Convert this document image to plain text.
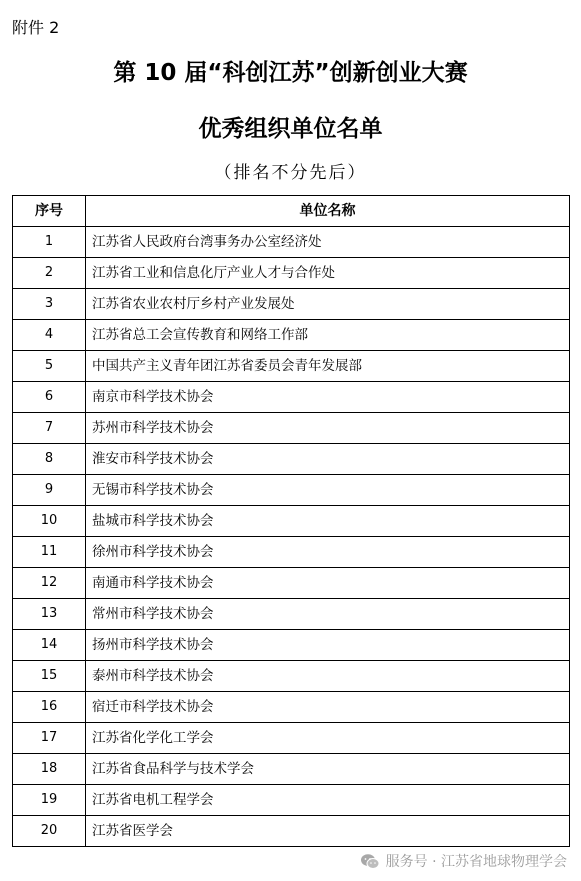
附件 2
第 10 届“科创江苏”创新创业大赛
优秀组织单位名单
（排名不分先后）
序号	单位名称
1	江苏省人民政府台湾事务办公室经济处
2	江苏省工业和信息化厅产业人才与合作处
3	江苏省农业农村厅乡村产业发展处
4	江苏省总工会宣传教育和网络工作部
5	中国共产主义青年团江苏省委员会青年发展部
6	南京市科学技术协会
7	苏州市科学技术协会
8	淮安市科学技术协会
9	无锡市科学技术协会
10	盐城市科学技术协会
11	徐州市科学技术协会
12	南通市科学技术协会
13	常州市科学技术协会
14	扬州市科学技术协会
15	泰州市科学技术协会
16	宿迁市科学技术协会
17	江苏省化学化工学会
18	江苏省食品科学与技术学会
19	江苏省电机工程学会
20	江苏省医学会
服务号 · 江苏省地球物理学会
